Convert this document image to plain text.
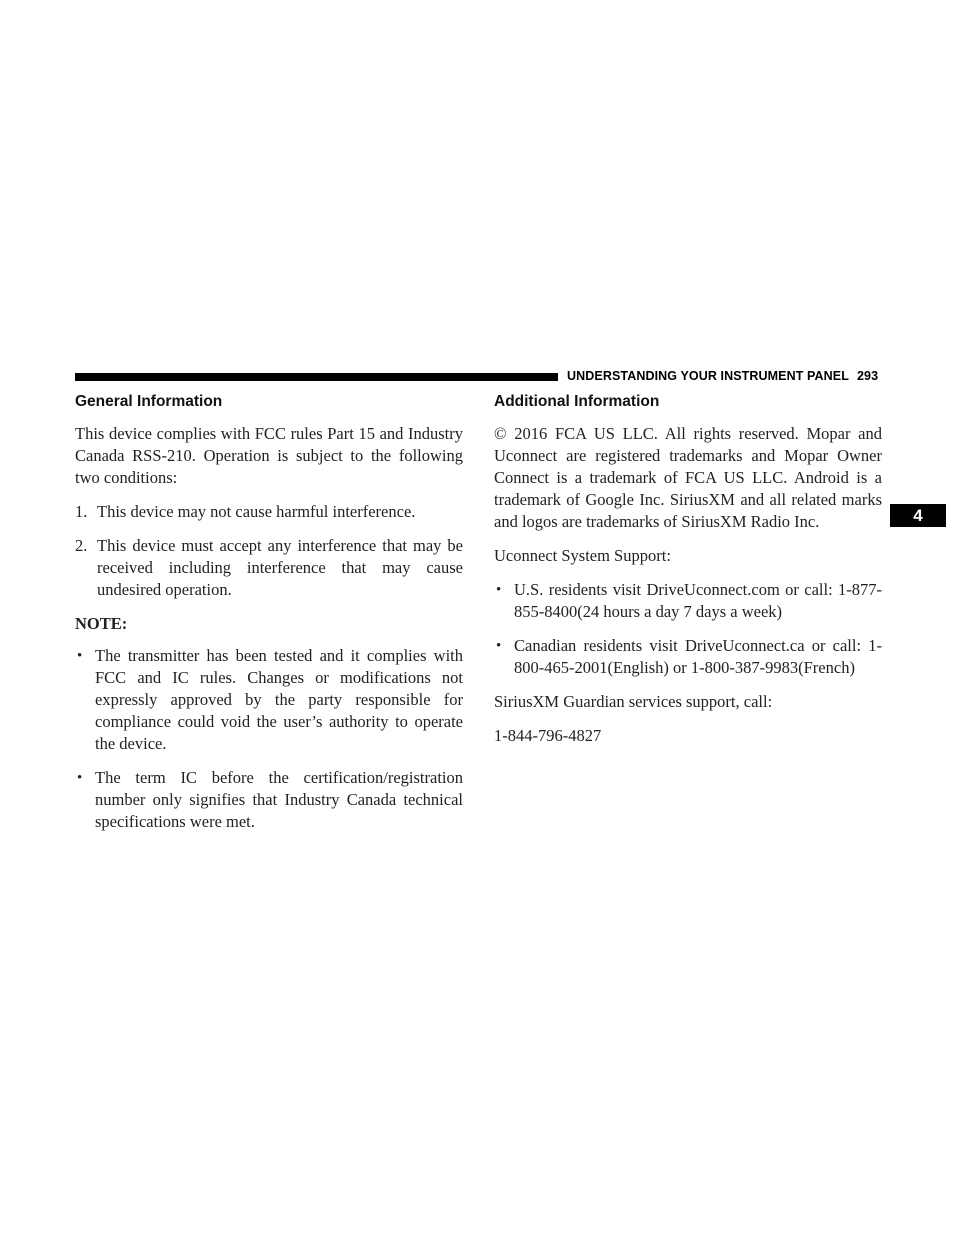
UNDERSTANDING YOUR INSTRUMENT PANEL 293
4
General Information

This device complies with FCC rules Part 15 and Industry Canada RSS-210. Operation is subject to the following two conditions:

1. This device may not cause harmful interference.
2. This device must accept any interference that may be received including interference that may cause undesired operation.

NOTE:

• The transmitter has been tested and it complies with FCC and IC rules. Changes or modifications not expressly approved by the party responsible for compliance could void the user’s authority to operate the device.
• The term IC before the certification/registration number only signifies that Industry Canada technical specifications were met.
Additional Information

© 2016 FCA US LLC. All rights reserved. Mopar and Uconnect are registered trademarks and Mopar Owner Connect is a trademark of FCA US LLC. Android is a trademark of Google Inc. SiriusXM and all related marks and logos are trademarks of SiriusXM Radio Inc.

Uconnect System Support:

• U.S. residents visit DriveUconnect.com or call: 1-877-855-8400(24 hours a day 7 days a week)
• Canadian residents visit DriveUconnect.ca or call: 1-800-465-2001(English) or 1-800-387-9983(French)

SiriusXM Guardian services support, call:

1-844-796-4827
